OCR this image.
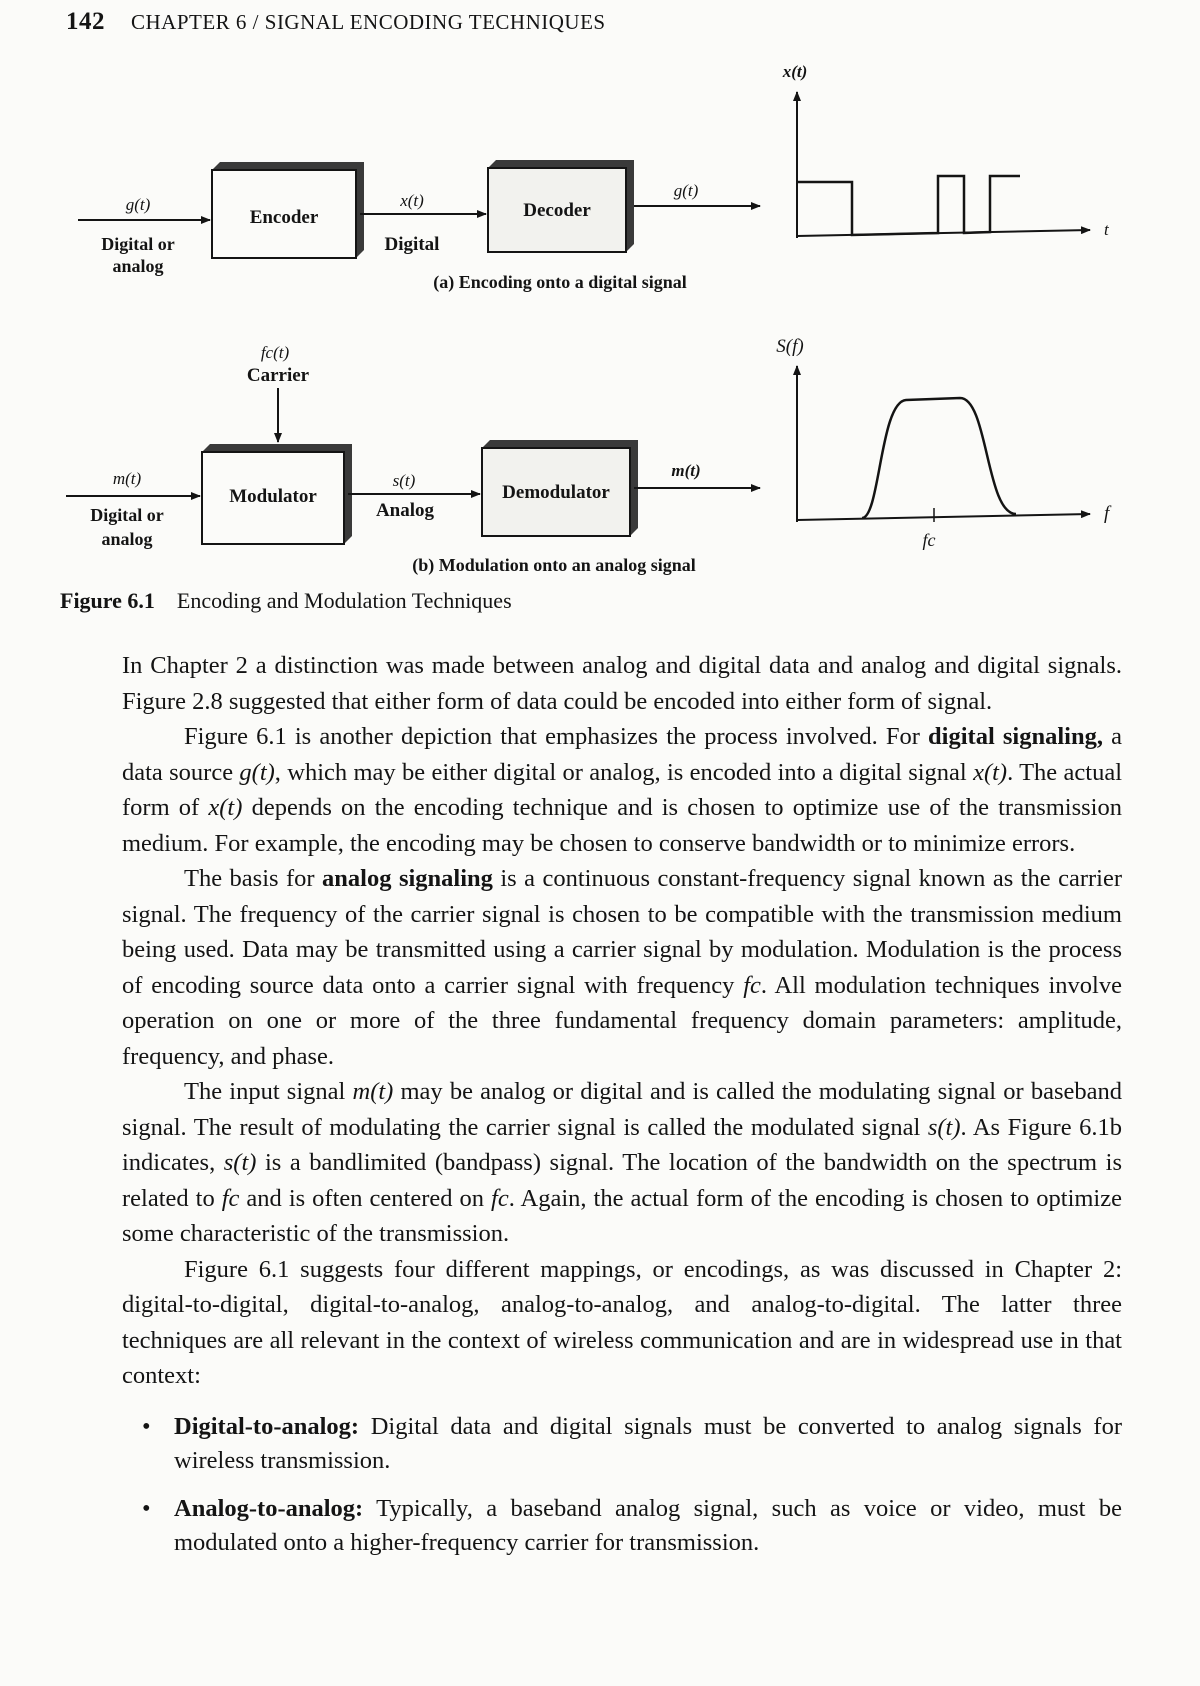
142 CHAPTER 6 / SIGNAL ENCODING TECHNIQUES
g(t)
Digital or analog
Encoder
x(t)
Digital
Decoder
g(t)
x(t)
t
(a) Encoding onto a digital signal
fc(t)
Carrier
m(t)
Digital or analog
Modulator
s(t)
Analog
Demodulator
m(t)
S(f)
f
fc
(b) Modulation onto an analog signal
Figure 6.1 Encoding and Modulation Techniques

In Chapter 2 a distinction was made between analog and digital data and analog and digital signals. Figure 2.8 suggested that either form of data could be encoded into either form of signal.

Figure 6.1 is another depiction that emphasizes the process involved. For digital signaling, a data source g(t), which may be either digital or analog, is encoded into a digital signal x(t). The actual form of x(t) depends on the encoding technique and is chosen to optimize use of the transmission medium. For example, the encoding may be chosen to conserve bandwidth or to minimize errors.

The basis for analog signaling is a continuous constant-frequency signal known as the carrier signal. The frequency of the carrier signal is chosen to be compatible with the transmission medium being used. Data may be transmitted using a carrier signal by modulation. Modulation is the process of encoding source data onto a carrier signal with frequency fc. All modulation techniques involve operation on one or more of the three fundamental frequency domain parameters: amplitude, frequency, and phase.

The input signal m(t) may be analog or digital and is called the modulating signal or baseband signal. The result of modulating the carrier signal is called the modulated signal s(t). As Figure 6.1b indicates, s(t) is a bandlimited (bandpass) signal. The location of the bandwidth on the spectrum is related to fc and is often centered on fc. Again, the actual form of the encoding is chosen to optimize some characteristic of the transmission.

Figure 6.1 suggests four different mappings, or encodings, as was discussed in Chapter 2: digital-to-digital, digital-to-analog, analog-to-analog, and analog-to-digital. The latter three techniques are all relevant in the context of wireless communication and are in widespread use in that context:

• Digital-to-analog: Digital data and digital signals must be converted to analog signals for wireless transmission.
• Analog-to-analog: Typically, a baseband analog signal, such as voice or video, must be modulated onto a higher-frequency carrier for transmission.
